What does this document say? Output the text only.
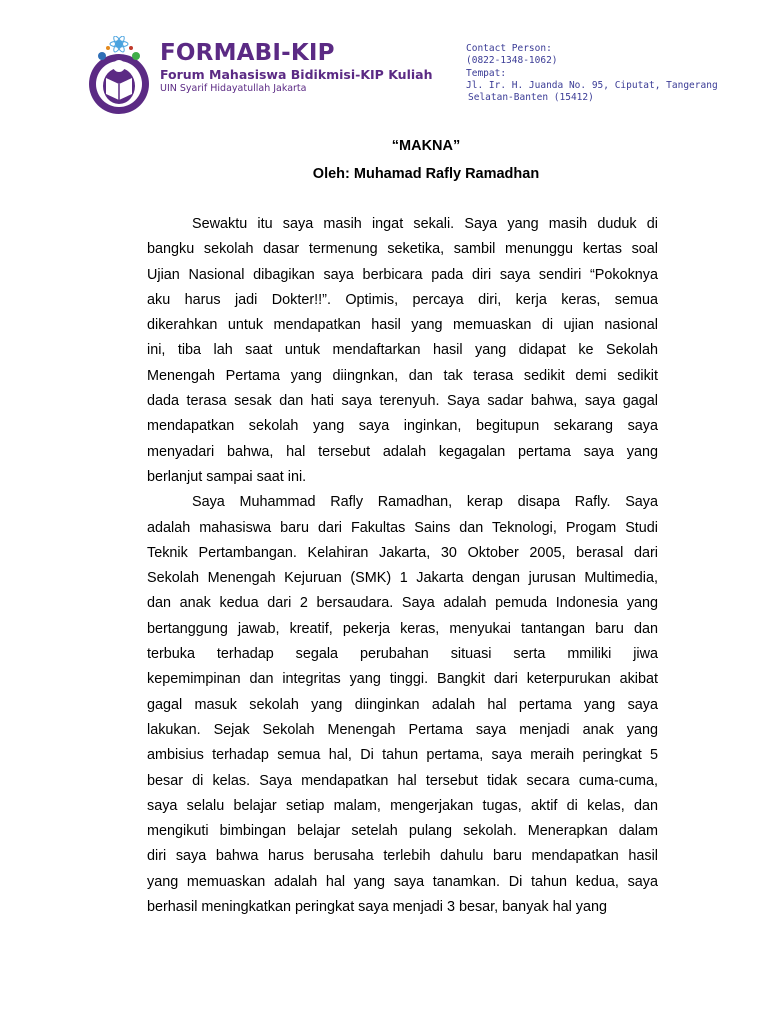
FORMABI-KIP
Forum Mahasiswa Bidikmisi-KIP Kuliah
UIN Syarif Hidayatullah Jakarta
Contact Person:
(0822-1348-1062)
Tempat:
Jl. Ir. H. Juanda No. 95, Ciputat, Tangerang
Selatan-Banten (15412)
“MAKNA”
Oleh: Muhamad Rafly Ramadhan
Sewaktu itu saya masih ingat sekali. Saya yang masih duduk di
bangku sekolah dasar termenung seketika, sambil menunggu kertas soal
Ujian Nasional dibagikan saya berbicara pada diri saya sendiri “Pokoknya
aku harus jadi Dokter!!”. Optimis, percaya diri, kerja keras, semua
dikerahkan untuk mendapatkan hasil yang memuaskan di ujian nasional
ini, tiba lah saat untuk mendaftarkan hasil yang didapat ke Sekolah
Menengah Pertama yang diingnkan, dan tak terasa sedikit demi sedikit
dada terasa sesak dan hati saya terenyuh. Saya sadar bahwa, saya gagal
mendapatkan sekolah yang saya inginkan, begitupun sekarang saya
menyadari bahwa, hal tersebut adalah kegagalan pertama saya yang
berlanjut sampai saat ini.
Saya Muhammad Rafly Ramadhan, kerap disapa Rafly. Saya
adalah mahasiswa baru dari Fakultas Sains dan Teknologi, Progam Studi
Teknik Pertambangan. Kelahiran Jakarta, 30 Oktober 2005, berasal dari
Sekolah Menengah Kejuruan (SMK) 1 Jakarta dengan jurusan Multimedia,
dan anak kedua dari 2 bersaudara. Saya adalah pemuda Indonesia yang
bertanggung jawab, kreatif, pekerja keras, menyukai tantangan baru dan
terbuka terhadap segala perubahan situasi serta mmiliki jiwa
kepemimpinan dan integritas yang tinggi. Bangkit dari keterpurukan akibat
gagal masuk sekolah yang diinginkan adalah hal pertama yang saya
lakukan. Sejak Sekolah Menengah Pertama saya menjadi anak yang
ambisius terhadap semua hal, Di tahun pertama, saya meraih peringkat 5
besar di kelas. Saya mendapatkan hal tersebut tidak secara cuma-cuma,
saya selalu belajar setiap malam, mengerjakan tugas, aktif di kelas, dan
mengikuti bimbingan belajar setelah pulang sekolah. Menerapkan dalam
diri saya bahwa harus berusaha terlebih dahulu baru mendapatkan hasil
yang memuaskan adalah hal yang saya tanamkan. Di tahun kedua, saya
berhasil meningkatkan peringkat saya menjadi 3 besar, banyak hal yang
